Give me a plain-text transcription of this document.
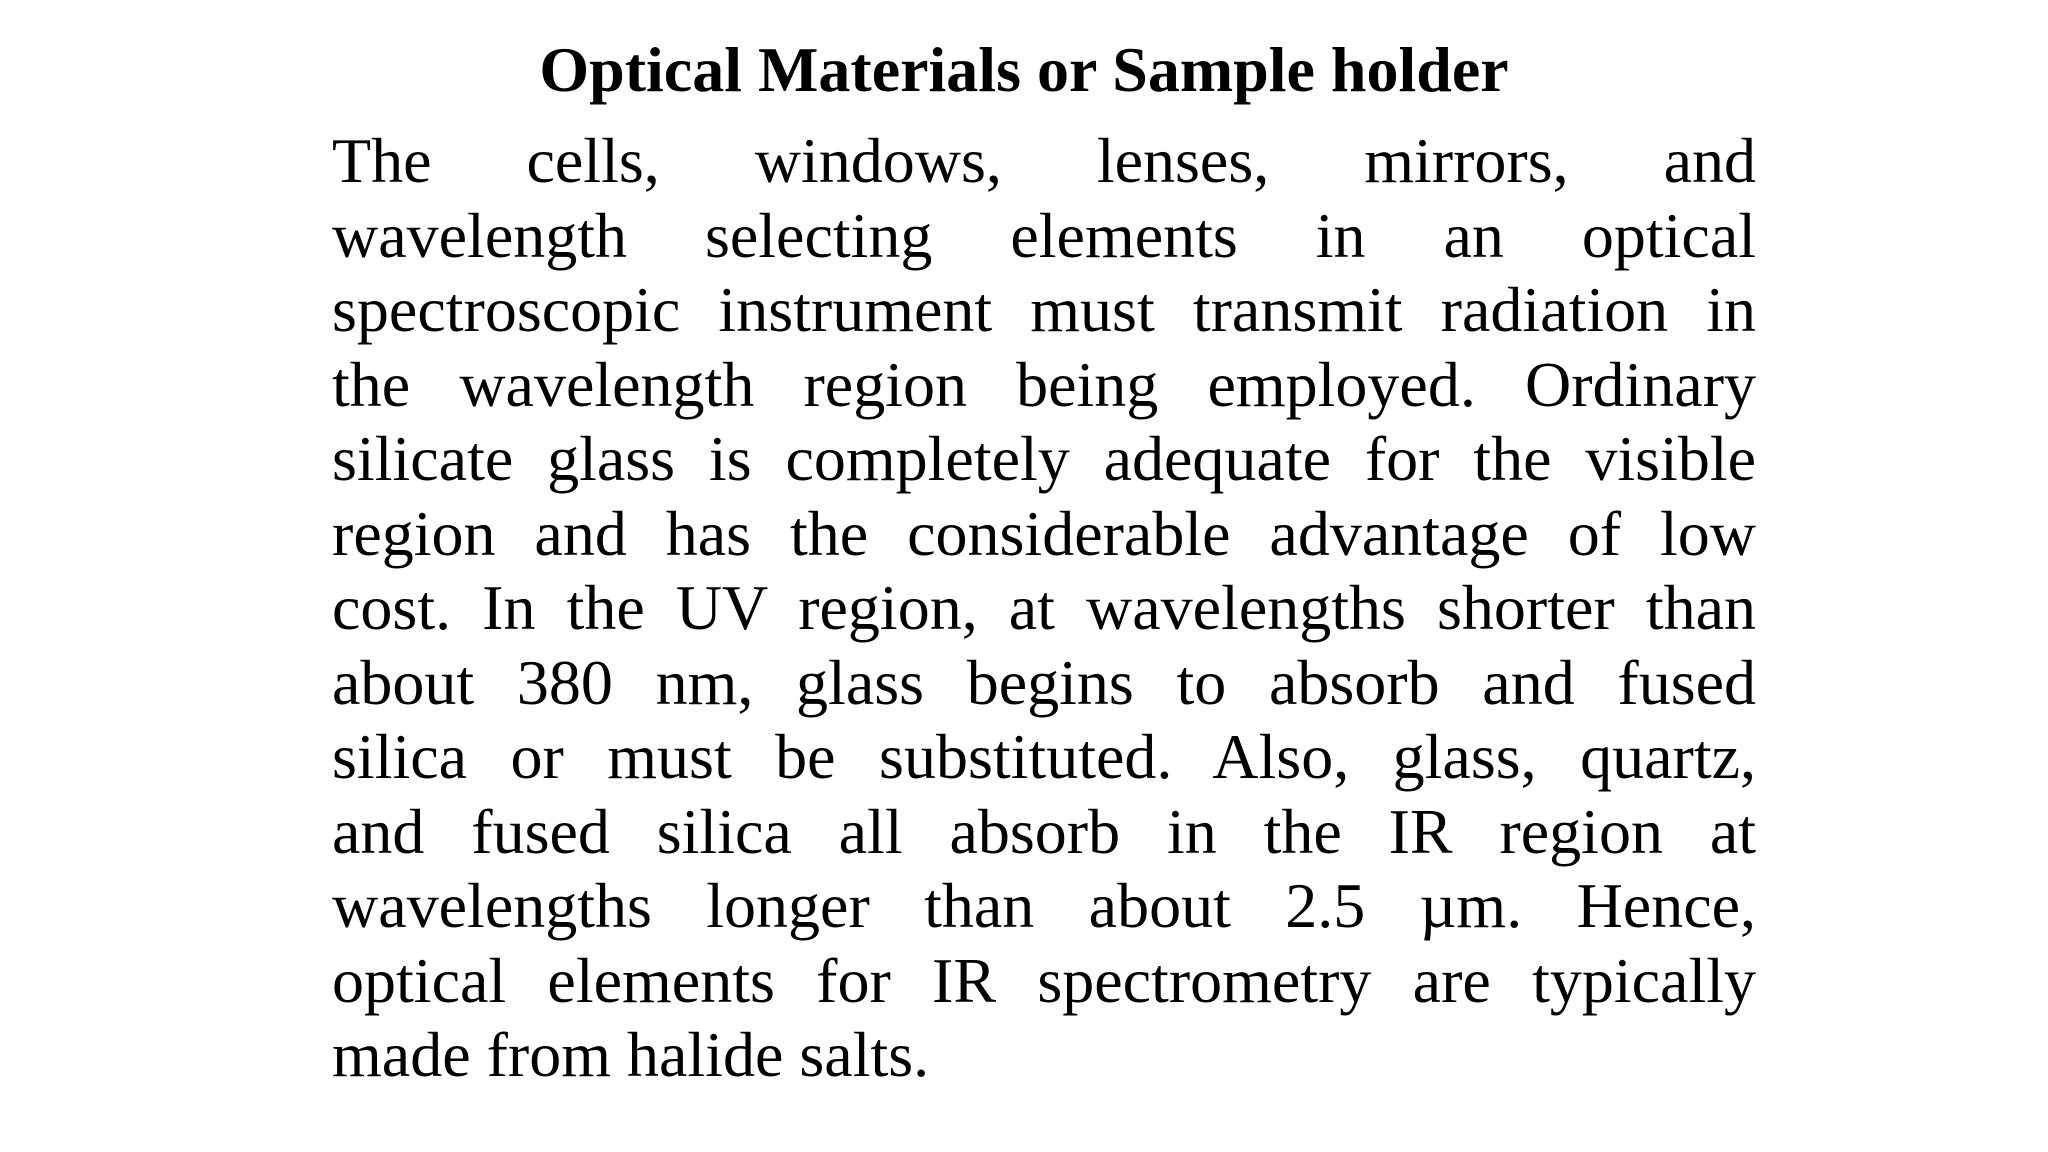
Optical Materials or Sample holder
The cells, windows, lenses, mirrors, and
wavelength selecting elements in an optical
spectroscopic instrument must transmit radiation in
the wavelength region being employed. Ordinary
silicate glass is completely adequate for the visible
region and has the considerable advantage of low
cost. In the UV region, at wavelengths shorter than
about 380 nm, glass begins to absorb and fused
silica or must be substituted. Also, glass, quartz,
and fused silica all absorb in the IR region at
wavelengths longer than about 2.5 µm. Hence,
optical elements for IR spectrometry are typically
made from halide salts.
